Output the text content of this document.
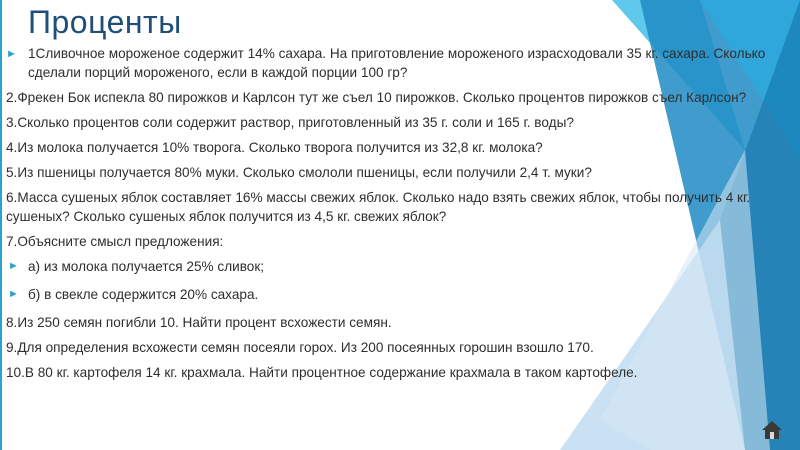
Проценты
► 1Сливочное мороженое содержит 14% сахара. На приготовление мороженого израсходовали 35 кг. сахара. Сколько сделали порций мороженого, если в каждой порции 100 гр?
2.Фрекен Бок испекла 80 пирожков и Карлсон тут же съел 10 пирожков. Сколько процентов пирожков съел Карлсон?
3.Сколько процентов соли содержит раствор, приготовленный из 35 г. соли и 165 г. воды?
4.Из молока получается 10% творога. Сколько творога получится из 32,8 кг. молока?
5.Из пшеницы получается 80% муки. Сколько смололи пшеницы, если получили 2,4 т. муки?
6.Масса сушеных яблок составляет 16% массы свежих яблок. Сколько надо взять свежих яблок, чтобы получить 4 кг. сушеных? Сколько сушеных яблок получится из 4,5 кг. свежих яблок?
7.Объясните смысл предложения:
► а) из молока получается 25% сливок;
► б) в свекле содержится 20% сахара.
8.Из 250 семян погибли 10. Найти процент всхожести семян.
9.Для определения всхожести семян посеяли горох. Из 200 посеянных горошин взошло 170.
10.В 80 кг. картофеля 14 кг. крахмала. Найти процентное содержание крахмала в таком картофеле.
